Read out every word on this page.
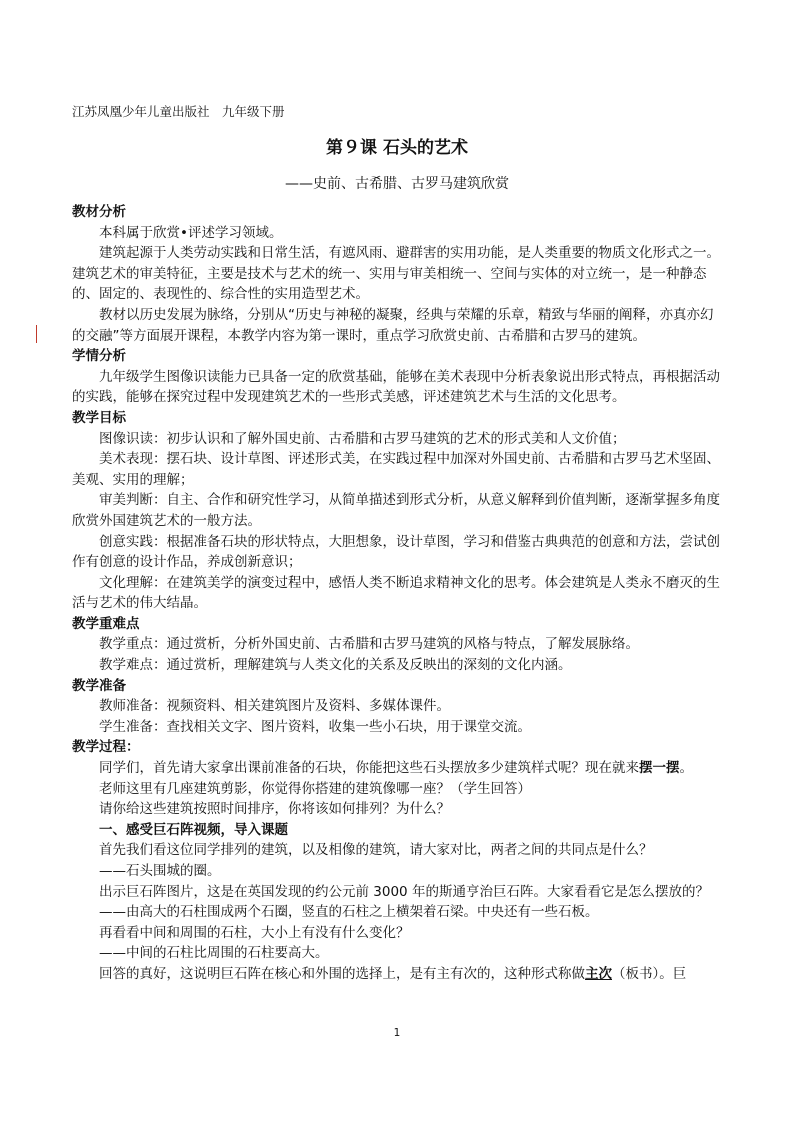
江苏凤凰少年儿童出版社　九年级下册
第９课 石头的艺术
——史前、古希腊、古罗马建筑欣赏

教材分析

本科属于欣赏•评述学习领域。

建筑起源于人类劳动实践和日常生活，有遮风雨、避群害的实用功能，是人类重要的物质文化形式之一。建筑艺术的审美特征，主要是技术与艺术的统一、实用与审美相统一、空间与实体的对立统一，是一种静态的、固定的、表现性的、综合性的实用造型艺术。

教材以历史发展为脉络，分别从“历史与神秘的凝聚，经典与荣耀的乐章，精致与华丽的阐释，亦真亦幻的交融”等方面展开课程，本教学内容为第一课时，重点学习欣赏史前、古希腊和古罗马的建筑。

学情分析

九年级学生图像识读能力已具备一定的欣赏基础，能够在美术表现中分析表象说出形式特点，再根据活动的实践，能够在探究过程中发现建筑艺术的一些形式美感，评述建筑艺术与生活的文化思考。

教学目标

图像识读：初步认识和了解外国史前、古希腊和古罗马建筑的艺术的形式美和人文价值；

美术表现：摆石块、设计草图、评述形式美，在实践过程中加深对外国史前、古希腊和古罗马艺术坚固、美观、实用的理解；

审美判断：自主、合作和研究性学习，从简单描述到形式分析，从意义解释到价值判断，逐渐掌握多角度欣赏外国建筑艺术的一般方法。

创意实践：根据准备石块的形状特点，大胆想象，设计草图，学习和借鉴古典典范的创意和方法，尝试创作有创意的设计作品，养成创新意识；

文化理解：在建筑美学的演变过程中，感悟人类不断追求精神文化的思考。体会建筑是人类永不磨灭的生活与艺术的伟大结晶。

教学重难点

教学重点：通过赏析，分析外国史前、古希腊和古罗马建筑的风格与特点，了解发展脉络。

教学难点：通过赏析，理解建筑与人类文化的关系及反映出的深刻的文化内涵。

教学准备

教师准备：视频资料、相关建筑图片及资料、多媒体课件。

学生准备：查找相关文字、图片资料，收集一些小石块，用于课堂交流。

教学过程：

同学们，首先请大家拿出课前准备的石块，你能把这些石头摆放多少建筑样式呢？现在就来摆一摆。

老师这里有几座建筑剪影，你觉得你搭建的建筑像哪一座？（学生回答）

请你给这些建筑按照时间排序，你将该如何排列？为什么？

一、感受巨石阵视频，导入课题

首先我们看这位同学排列的建筑，以及相像的建筑，请大家对比，两者之间的共同点是什么？

——石头围城的圈。

出示巨石阵图片，这是在英国发现的约公元前 3000 年的斯通亨治巨石阵。大家看看它是怎么摆放的？

——由高大的石柱围成两个石圈，竖直的石柱之上横架着石梁。中央还有一些石板。

再看看中间和周围的石柱，大小上有没有什么变化？

——中间的石柱比周围的石柱要高大。

回答的真好，这说明巨石阵在核心和外围的选择上，是有主有次的，这种形式称做主次（板书）。巨

1
